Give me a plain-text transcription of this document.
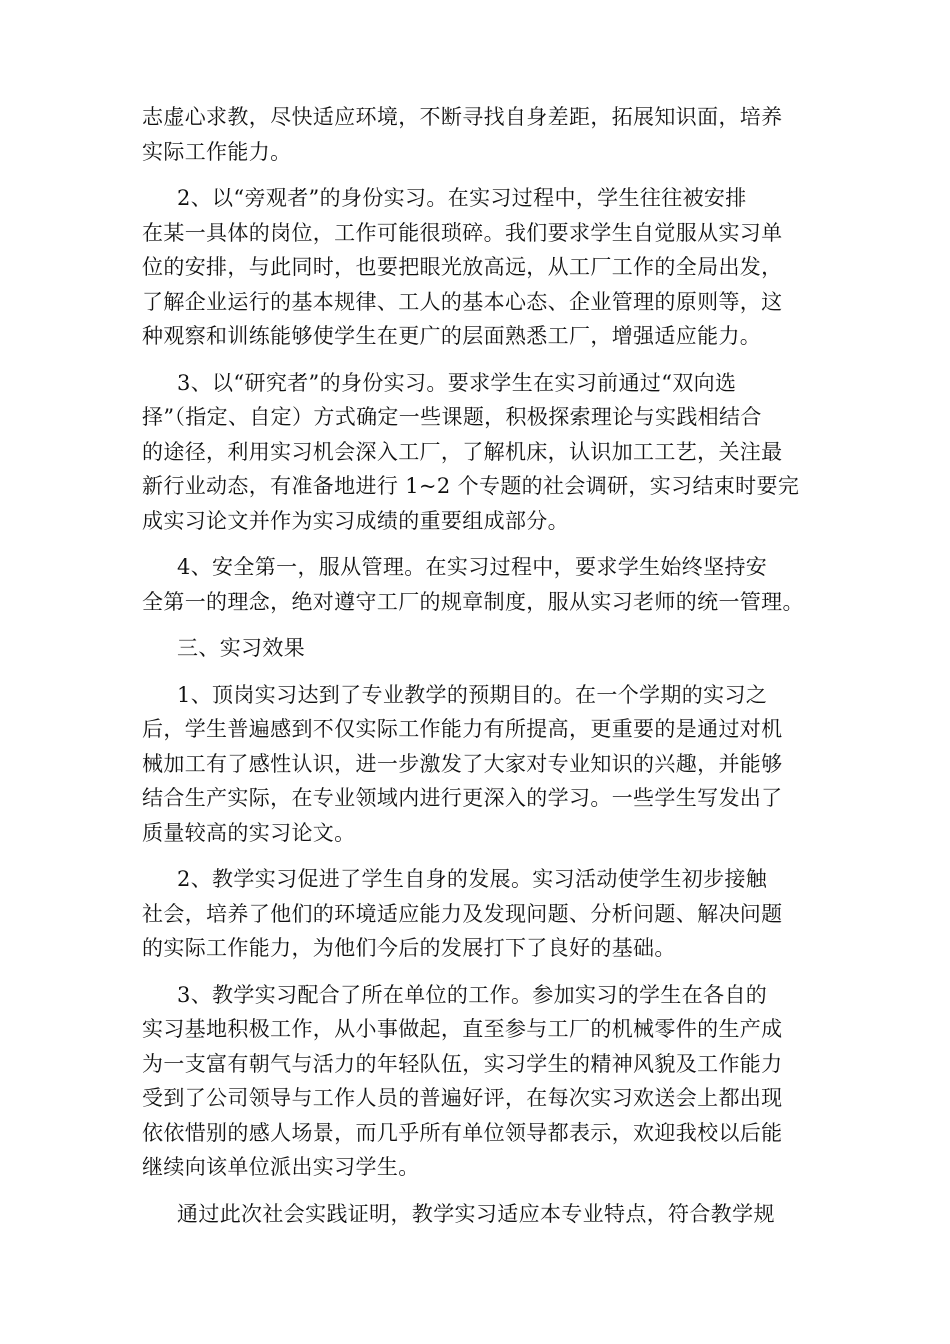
志虚心求教，尽快适应环境，不断寻找自身差距，拓展知识面，培养
实际工作能力。
2、以“旁观者”的身份实习。在实习过程中，学生往往被安排
在某一具体的岗位，工作可能很琐碎。我们要求学生自觉服从实习单
位的安排，与此同时，也要把眼光放高远，从工厂工作的全局出发，
了解企业运行的基本规律、工人的基本心态、企业管理的原则等，这
种观察和训练能够使学生在更广的层面熟悉工厂，增强适应能力。
3、以“研究者”的身份实习。要求学生在实习前通过“双向选
择”（指定、自定）方式确定一些课题，积极探索理论与实践相结合
的途径，利用实习机会深入工厂，了解机床，认识加工工艺，关注最
新行业动态，有准备地进行 1~2 个专题的社会调研，实习结束时要完
成实习论文并作为实习成绩的重要组成部分。
4、安全第一，服从管理。在实习过程中，要求学生始终坚持安
全第一的理念，绝对遵守工厂的规章制度，服从实习老师的统一管理。
三、实习效果
1、顶岗实习达到了专业教学的预期目的。在一个学期的实习之
后，学生普遍感到不仅实际工作能力有所提高，更重要的是通过对机
械加工有了感性认识，进一步激发了大家对专业知识的兴趣，并能够
结合生产实际，在专业领域内进行更深入的学习。一些学生写发出了
质量较高的实习论文。
2、教学实习促进了学生自身的发展。实习活动使学生初步接触
社会，培养了他们的环境适应能力及发现问题、分析问题、解决问题
的实际工作能力，为他们今后的发展打下了良好的基础。
3、教学实习配合了所在单位的工作。参加实习的学生在各自的
实习基地积极工作，从小事做起，直至参与工厂的机械零件的生产成
为一支富有朝气与活力的年轻队伍，实习学生的精神风貌及工作能力
受到了公司领导与工作人员的普遍好评，在每次实习欢送会上都出现
依依惜别的感人场景，而几乎所有单位领导都表示，欢迎我校以后能
继续向该单位派出实习学生。
通过此次社会实践证明，教学实习适应本专业特点，符合教学规
